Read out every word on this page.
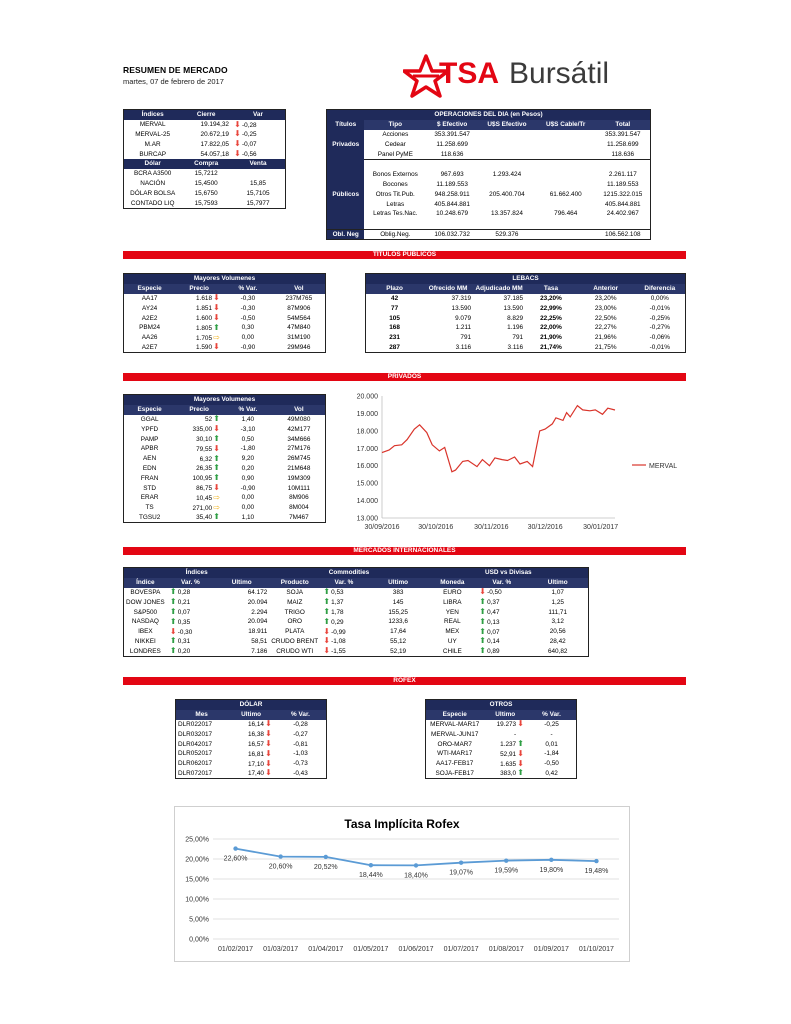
RESUMEN DE MERCADO
martes, 07 de febrero de 2017	TSA Bursátil
Índices	Cierre	Var
MERVAL	19.194,32	⬇-0,28
MERVAL-25	20.672,19	⬇-0,25
M.AR	17.822,05	⬇-0,07
BURCAP	54.057,18	⬇-0,56
Dólar	Compra	Venta
BCRA A3500	15,7212	
NACIÓN	15,4500	15,85
DÓLAR BOLSA	15,6750	15,7105
CONTADO LIQ	15,7593	15,7977
OPERACIONES DEL DIA (en Pesos)					
Títulos	Tipo	$ Efectivo	U$S Efectivo	U$S Cable/Tr	Total
	Acciones	353.391.547			353.391.547
Privados	Cedear	11.258.699			11.258.699
	Panel PyME	118.636			118.636

	Bonos Externos	967.693	1.293.424		2.261.117
	Bocones	11.189.553			11.189.553
Públicos	Otros Tit.Pub.	948.258.911	205.400.704	61.662.400	1215.322.015
	Letras	405.844.881			405.844.881
	Letras Tes.Nac.	10.248.679	13.357.824	796.464	24.402.967

Obl. Neg	Oblig.Neg.	106.032.732	529.376		106.562.108
TÍTULOS PÚBLICOS
Mayores Volumenes			
Especie	Precio	% Var.	Vol
AA17	1.618⬇	-0,30	237M765
AY24	1.851⬇	-0,30	87M906
A2E2	1.600⬇	-0,50	54M564
PBM24	1.805⬆	0,30	47M840
AA26	1.705⇨	0,00	31M190
A2E7	1.590⬇	-0,90	29M946
LEBACS					
Plazo	Ofrecido MM	Adjudicado MM	Tasa	Anterior	Diferencia
42	37.319	37.185	23,20%	23,20%	0,00%
77	13.590	13.590	22,99%	23,00%	-0,01%
105	9.079	8.829	22,25%	22,50%	-0,25%
168	1.211	1.196	22,00%	22,27%	-0,27%
231	791	791	21,90%	21,96%	-0,06%
287	3.116	3.116	21,74%	21,75%	-0,01%
PRIVADOS
Mayores Volumenes			
Especie	Precio	% Var.	Vol
GGAL	52⬆	1,40	49M080
YPFD	335,00⬇	-3,10	42M177
PAMP	30,10⬆	0,50	34M666
APBR	79,55⬇	-1,80	27M176
AEN	6,32⬆	9,20	26M745
EDN	26,35⬆	0,20	21M648
FRAN	100,95⬆	0,90	19M309
STD	86,75⬇	-0,90	10M111
ERAR	10,45⇨	0,00	8M906
TS	271,00⇨	0,00	8M004
TGSU2	35,40⬆	1,10	7M467	13.000
14.000
15.000
16.000
17.000
18.000
19.000
20.000
30/09/2016	30/10/2016	30/11/2016	30/12/2016	30/01/2017
MERVAL
MERCADOS INTERNACIONALES
Índices			Commodities			USD vs Divisas		
Índice	Var. %	Ultimo	Producto	Var. %	Ultimo	Moneda	Var. %	Ultimo
BOVESPA	⬆0,28	64.172	SOJA	⬆0,53	383	EURO	⬇-0,50	1,07
DOW JONES	⬆0,21	20.094	MAIZ	⬆1,37	145	LIBRA	⬆0,37	1,25
S&P500	⬆0,07	2.294	TRIGO	⬆1,78	155,25	YEN	⬆0,47	111,71
NASDAQ	⬆0,35	20.094	ORO	⬆0,29	1233,6	REAL	⬆0,13	3,12
IBEX	⬇-0,30	18.911	PLATA	⬇-0,99	17,64	MEX	⬆0,07	20,56
NIKKEI	⬆0,31	58,51	CRUDO BRENT	⬇-1,08	55,12	UY	⬆0,14	28,42
LONDRES	⬆0,20	7.186	CRUDO WTI	⬇-1,55	52,19	CHILE	⬆0,89	640,82
ROFEX
DÓLAR		
Mes	Ultimo	% Var.
DLR022017	16,14⬇	-0,28
DLR032017	16,38⬇	-0,27
DLR042017	16,57⬇	-0,81
DLR052017	16,81⬇	-1,03
DLR062017	17,10⬇	-0,73
DLR072017	17,40⬇	-0,43
OTROS		
Especie	Ultimo	% Var.
MERVAL-MAR17	19.273⬇	-0,25
MERVAL-JUN17	-	-
ORO-MAR7	1.237⬆	0,01
WTI-MAR17	52,91⬇	-1,84
AA17-FEB17	1.635⬇	-0,50
SOJA-FEB17	383,0⬆	0,42
Tasa Implícita Rofex
0,00%
5,00%
10,00%
15,00%
20,00%
25,00%
01/02/2017 01/03/2017 01/04/2017 01/05/2017 01/06/2017 01/07/2017 01/08/2017 01/09/2017 01/10/2017
22,60%
20,60%	20,52%
18,44%	18,40%	19,07%	19,59%	19,80%	19,48%
